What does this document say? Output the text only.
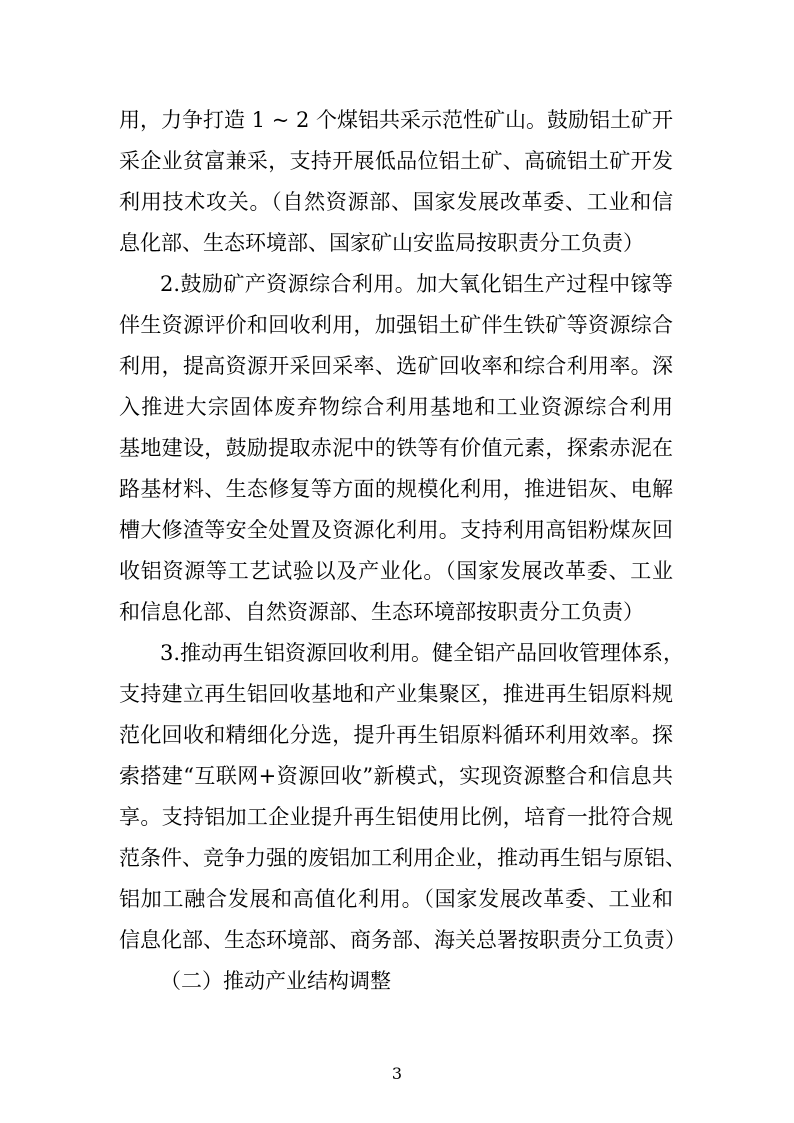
用，力争打造 1 ~ 2 个煤铝共采示范性矿山。鼓励铝土矿开
采企业贫富兼采，支持开展低品位铝土矿、高硫铝土矿开发
利用技术攻关。（自然资源部、国家发展改革委、工业和信
息化部、生态环境部、国家矿山安监局按职责分工负责）
2.鼓励矿产资源综合利用。加大氧化铝生产过程中镓等
伴生资源评价和回收利用，加强铝土矿伴生铁矿等资源综合
利用，提高资源开采回采率、选矿回收率和综合利用率。深
入推进大宗固体废弃物综合利用基地和工业资源综合利用
基地建设，鼓励提取赤泥中的铁等有价值元素，探索赤泥在
路基材料、生态修复等方面的规模化利用，推进铝灰、电解
槽大修渣等安全处置及资源化利用。支持利用高铝粉煤灰回
收铝资源等工艺试验以及产业化。（国家发展改革委、工业
和信息化部、自然资源部、生态环境部按职责分工负责）
3.推动再生铝资源回收利用。健全铝产品回收管理体系，
支持建立再生铝回收基地和产业集聚区，推进再生铝原料规
范化回收和精细化分选，提升再生铝原料循环利用效率。探
索搭建“互联网+资源回收”新模式，实现资源整合和信息共
享。支持铝加工企业提升再生铝使用比例，培育一批符合规
范条件、竞争力强的废铝加工利用企业，推动再生铝与原铝、
铝加工融合发展和高值化利用。（国家发展改革委、工业和
信息化部、生态环境部、商务部、海关总署按职责分工负责）
（二）推动产业结构调整
3
